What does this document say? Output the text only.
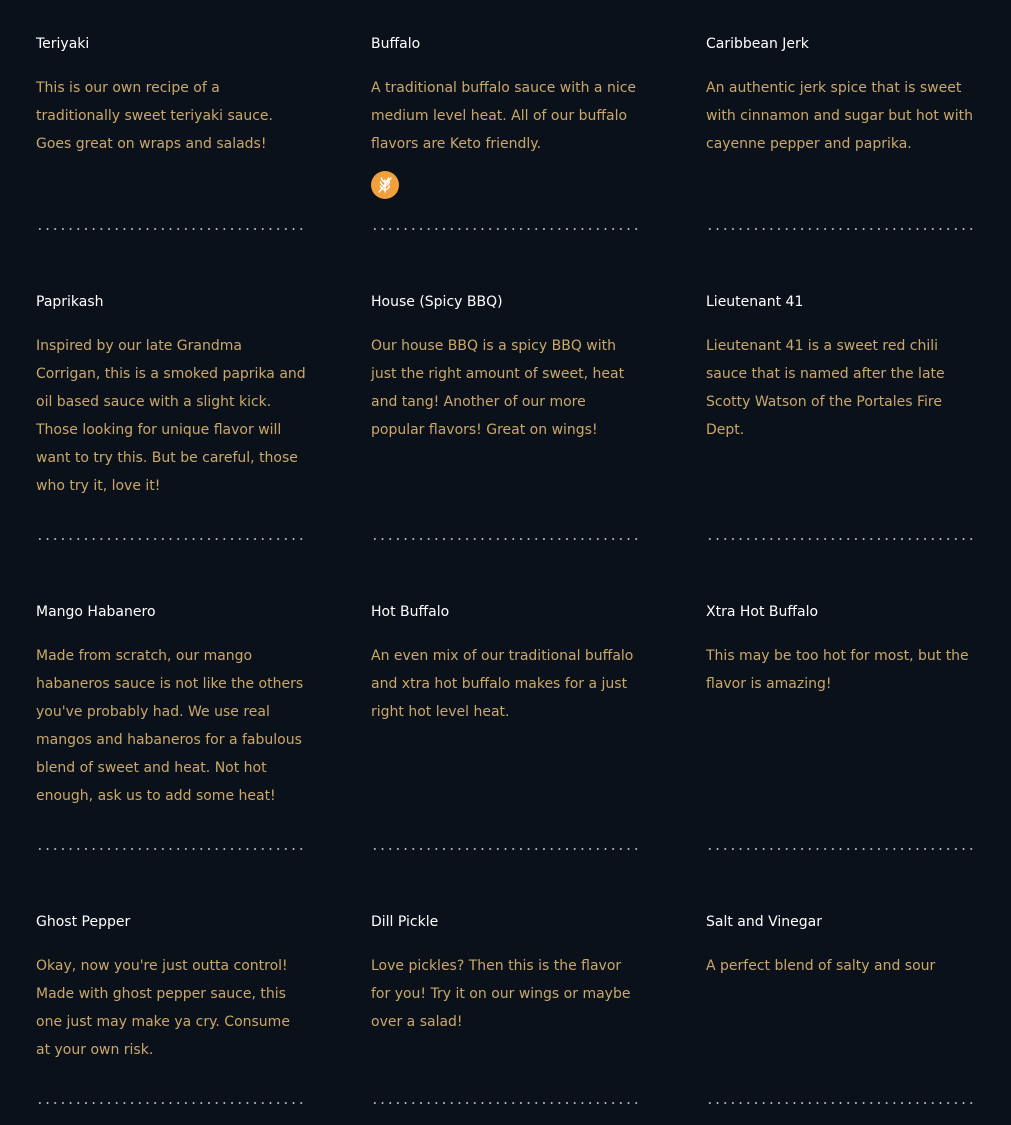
Teriyaki

This is our own recipe of a traditionally sweet teriyaki sauce. Goes great on wraps and salads!

Buffalo

A traditional buffalo sauce with a nice medium level heat. All of our buffalo flavors are Keto friendly.

Caribbean Jerk

An authentic jerk spice that is sweet with cinnamon and sugar but hot with cayenne pepper and paprika.

Paprikash

Inspired by our late Grandma Corrigan, this is a smoked paprika and oil based sauce with a slight kick. Those looking for unique flavor will want to try this. But be careful, those who try it, love it!

House (Spicy BBQ)

Our house BBQ is a spicy BBQ with just the right amount of sweet, heat and tang! Another of our more popular flavors! Great on wings!

Lieutenant 41

Lieutenant 41 is a sweet red chili sauce that is named after the late Scotty Watson of the Portales Fire Dept.

Mango Habanero

Made from scratch, our mango habaneros sauce is not like the others you've probably had. We use real mangos and habaneros for a fabulous blend of sweet and heat. Not hot enough, ask us to add some heat!

Hot Buffalo

An even mix of our traditional buffalo and xtra hot buffalo makes for a just right hot level heat.

Xtra Hot Buffalo

This may be too hot for most, but the flavor is amazing!

Ghost Pepper

Okay, now you're just outta control! Made with ghost pepper sauce, this one just may make ya cry. Consume at your own risk.

Dill Pickle

Love pickles? Then this is the flavor for you! Try it on our wings or maybe over a salad!

Salt and Vinegar

A perfect blend of salty and sour
